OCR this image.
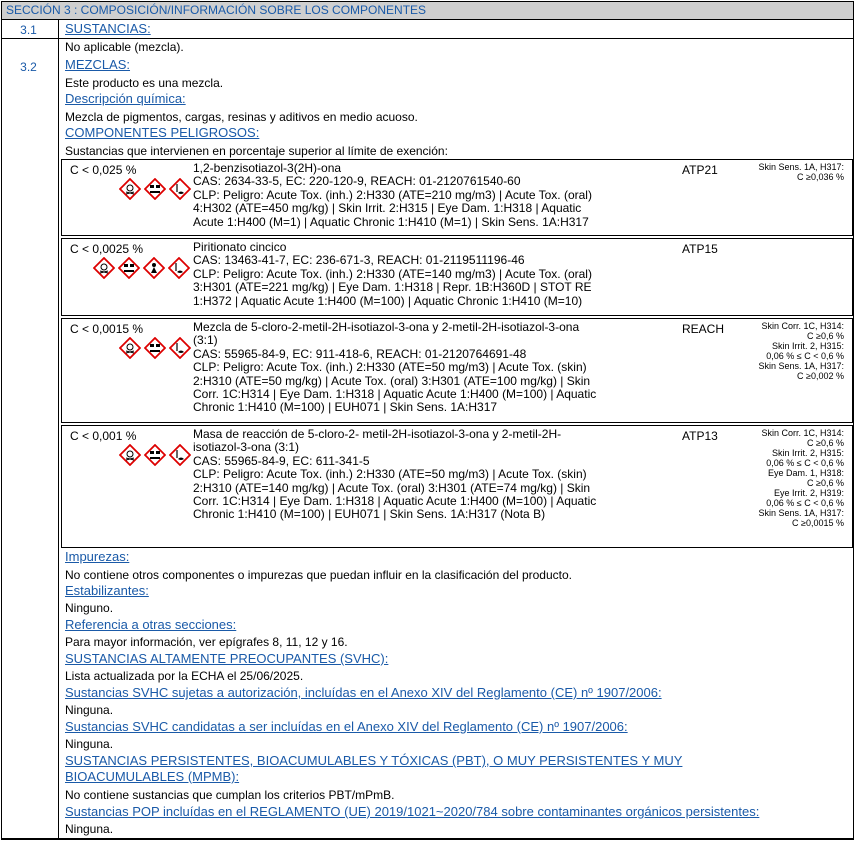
SECCIÓN 3 : COMPOSICIÓN/INFORMACIÓN SOBRE LOS COMPONENTES
3.1	SUSTANCIAS:
No aplicable (mezcla).
3.2	MEZCLAS:
Este producto es una mezcla.
Descripción química:
Mezcla de pigmentos, cargas, resinas y aditivos en medio acuoso.
COMPONENTES PELIGROSOS:
Sustancias que intervienen en porcentaje superior al límite de exención:
C < 0,025 %	1,2-benzisotiazol-3(2H)-ona
CAS: 2634-33-5, EC: 220-120-9, REACH: 01-2120761540-60
CLP: Peligro: Acute Tox. (inh.) 2:H330 (ATE=210 mg/m3) | Acute Tox. (oral)
4:H302 (ATE=450 mg/kg) | Skin Irrit. 2:H315 | Eye Dam. 1:H318 | Aquatic
Acute 1:H400 (M=1) | Aquatic Chronic 1:H410 (M=1) | Skin Sens. 1A:H317
ATP21	Skin Sens. 1A, H317:
C ≥0,036 %
C < 0,0025 %	Piritionato cincico
CAS: 13463-41-7, EC: 236-671-3, REACH: 01-2119511196-46
CLP: Peligro: Acute Tox. (inh.) 2:H330 (ATE=140 mg/m3) | Acute Tox. (oral)
3:H301 (ATE=221 mg/kg) | Eye Dam. 1:H318 | Repr. 1B:H360D | STOT RE
1:H372 | Aquatic Acute 1:H400 (M=100) | Aquatic Chronic 1:H410 (M=10)
ATP15
C < 0,0015 %	Mezcla de 5-cloro-2-metil-2H-isotiazol-3-ona y 2-metil-2H-isotiazol-3-ona
(3:1)
CAS: 55965-84-9, EC: 911-418-6, REACH: 01-2120764691-48
CLP: Peligro: Acute Tox. (inh.) 2:H330 (ATE=50 mg/m3) | Acute Tox. (skin)
2:H310 (ATE=50 mg/kg) | Acute Tox. (oral) 3:H301 (ATE=100 mg/kg) | Skin
Corr. 1C:H314 | Eye Dam. 1:H318 | Aquatic Acute 1:H400 (M=100) | Aquatic
Chronic 1:H410 (M=100) | EUH071 | Skin Sens. 1A:H317
REACH	Skin Corr. 1C, H314:
C ≥0,6 %
Skin Irrit. 2, H315:
0,06 % ≤ C < 0,6 %
Skin Sens. 1A, H317:
C ≥0,002 %
C < 0,001 %	Masa de reacción de 5-cloro-2- metil-2H-isotiazol-3-ona y 2-metil-2H-
isotiazol-3-ona (3:1)
CAS: 55965-84-9, EC: 611-341-5
CLP: Peligro: Acute Tox. (inh.) 2:H330 (ATE=50 mg/m3) | Acute Tox. (skin)
2:H310 (ATE=140 mg/kg) | Acute Tox. (oral) 3:H301 (ATE=74 mg/kg) | Skin
Corr. 1C:H314 | Eye Dam. 1:H318 | Aquatic Acute 1:H400 (M=100) | Aquatic
Chronic 1:H410 (M=100) | EUH071 | Skin Sens. 1A:H317 (Nota B)
ATP13	Skin Corr. 1C, H314:
C ≥0,6 %
Skin Irrit. 2, H315:
0,06 % ≤ C < 0,6 %
Eye Dam. 1, H318:
C ≥0,6 %
Eye Irrit. 2, H319:
0,06 % ≤ C < 0,6 %
Skin Sens. 1A, H317:
C ≥0,0015 %
Impurezas:
No contiene otros componentes o impurezas que puedan influir en la clasificación del producto.
Estabilizantes:
Ninguno.
Referencia a otras secciones:
Para mayor información, ver epígrafes 8, 11, 12 y 16.
SUSTANCIAS ALTAMENTE PREOCUPANTES (SVHC):
Lista actualizada por la ECHA el 25/06/2025.
Sustancias SVHC sujetas a autorización, incluídas en el Anexo XIV del Reglamento (CE) nº 1907/2006:
Ninguna.
Sustancias SVHC candidatas a ser incluídas en el Anexo XIV del Reglamento (CE) nº 1907/2006:
Ninguna.
SUSTANCIAS PERSISTENTES, BIOACUMULABLES Y TÓXICAS (PBT), O MUY PERSISTENTES Y MUY
BIOACUMULABLES (MPMB):
No contiene sustancias que cumplan los criterios PBT/mPmB.
Sustancias POP incluídas en el REGLAMENTO (UE) 2019/1021~2020/784 sobre contaminantes orgánicos persistentes:
Ninguna.
